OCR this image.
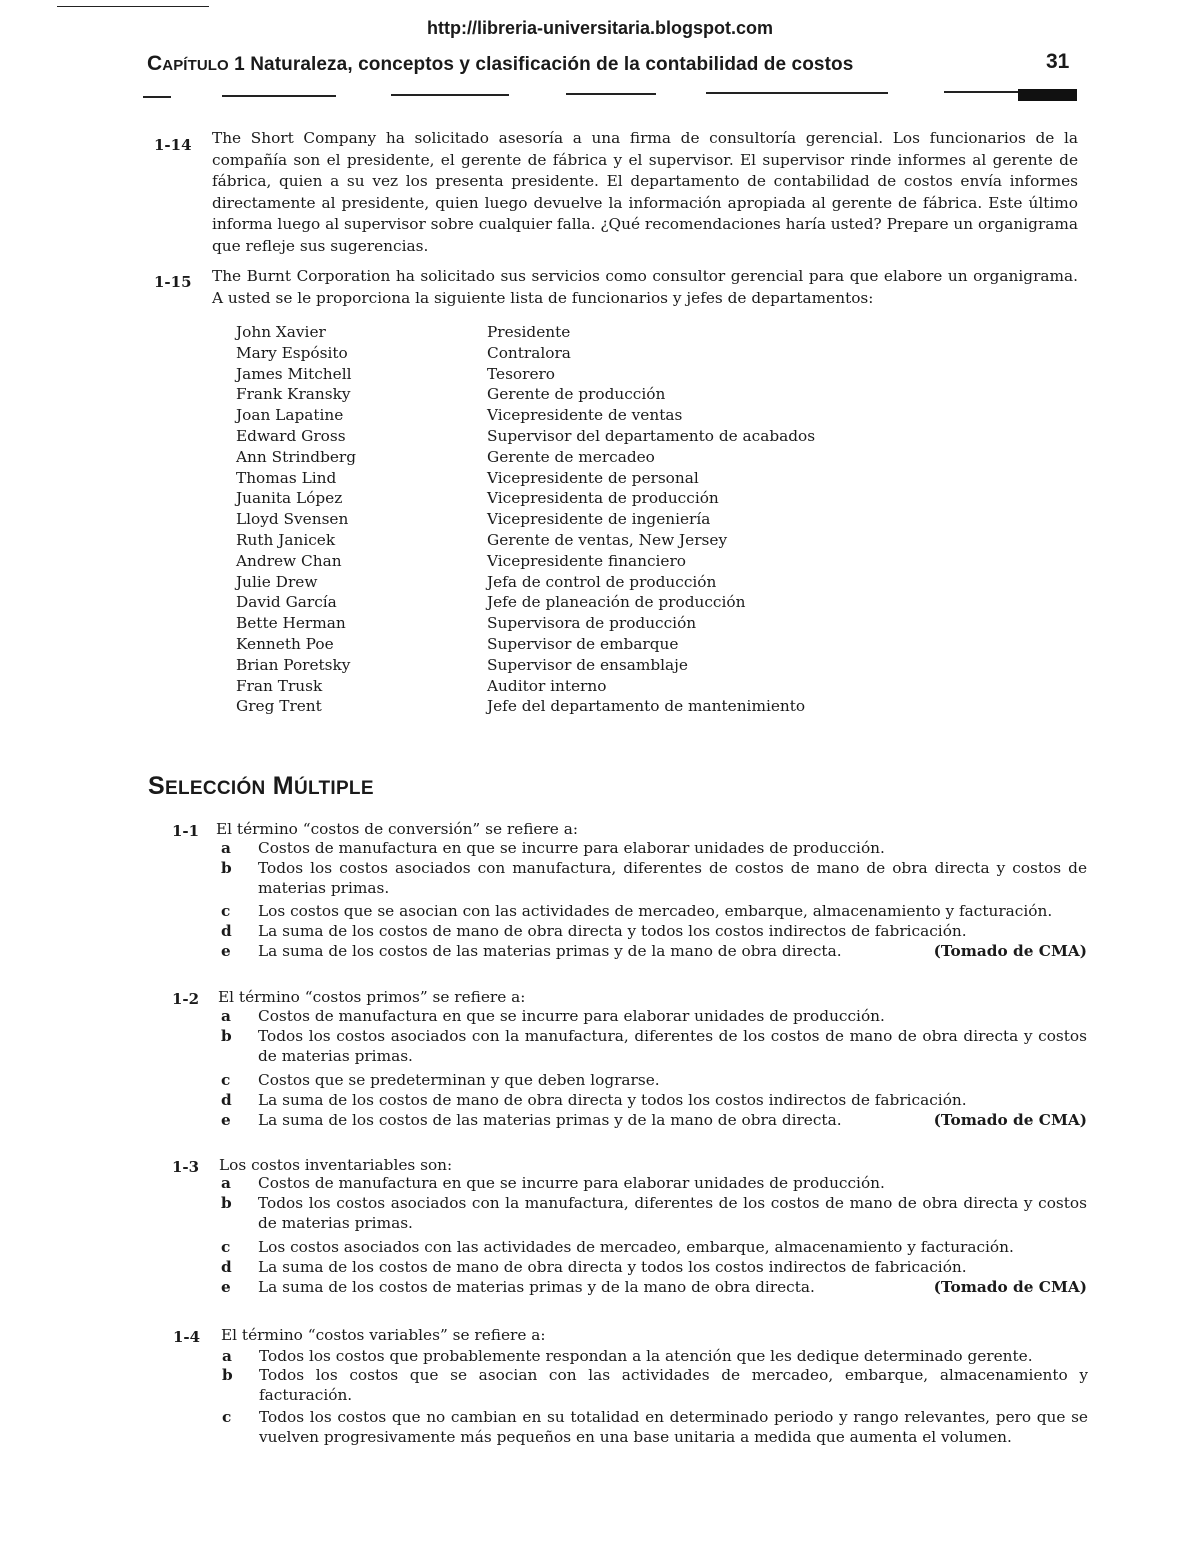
http://libreria-universitaria.blogspot.com
CAPÍTULO 1 Naturaleza, conceptos y clasificación de la contabilidad de costos	31
1-14 The Short Company ha solicitado asesoría a una firma de consultoría gerencial. Los funcionarios de la compañía son el presidente, el gerente de fábrica y el supervisor. El supervisor rinde informes al gerente de fábrica, quien a su vez los presenta presidente. El departamento de contabilidad de costos envía informes directamente al presidente, quien luego devuelve la información apropiada al gerente de fábrica. Este último informa luego al supervisor sobre cualquier falla. ¿Qué recomendaciones haría usted? Prepare un organigrama que refleje sus sugerencias.
1-15 The Burnt Corporation ha solicitado sus servicios como consultor gerencial para que elabore un organigrama. A usted se le proporciona la siguiente lista de funcionarios y jefes de departamentos:
John Xavier	Presidente
Mary Espósito	Contralora
James Mitchell	Tesorero
Frank Kransky	Gerente de producción
Joan Lapatine	Vicepresidente de ventas
Edward Gross	Supervisor del departamento de acabados
Ann Strindberg	Gerente de mercadeo
Thomas Lind	Vicepresidente de personal
Juanita López	Vicepresidenta de producción
Lloyd Svensen	Vicepresidente de ingeniería
Ruth Janicek	Gerente de ventas, New Jersey
Andrew Chan	Vicepresidente financiero
Julie Drew	Jefa de control de producción
David García	Jefe de planeación de producción
Bette Herman	Supervisora de producción
Kenneth Poe	Supervisor de embarque
Brian Poretsky	Supervisor de ensamblaje
Fran Trusk	Auditor interno
Greg Trent	Jefe del departamento de mantenimiento
SELECCIÓN MÚLTIPLE
1-1 El término “costos de conversión” se refiere a:
a	Costos de manufactura en que se incurre para elaborar unidades de producción.
b	Todos los costos asociados con manufactura, diferentes de costos de mano de obra directa y costos de materias primas.
c	Los costos que se asocian con las actividades de mercadeo, embarque, almacenamiento y facturación.
d	La suma de los costos de mano de obra directa y todos los costos indirectos de fabricación.
e	La suma de los costos de las materias primas y de la mano de obra directa.	(Tomado de CMA)
1-2 El término “costos primos” se refiere a:
a	Costos de manufactura en que se incurre para elaborar unidades de producción.
b	Todos los costos asociados con la manufactura, diferentes de los costos de mano de obra directa y costos de materias primas.
c	Costos que se predeterminan y que deben lograrse.
d	La suma de los costos de mano de obra directa y todos los costos indirectos de fabricación.
e	La suma de los costos de las materias primas y de la mano de obra directa.	(Tomado de CMA)
1-3 Los costos inventariables son:
a	Costos de manufactura en que se incurre para elaborar unidades de producción.
b	Todos los costos asociados con la manufactura, diferentes de los costos de mano de obra directa y costos de materias primas.
c	Los costos asociados con las actividades de mercadeo, embarque, almacenamiento y facturación.
d	La suma de los costos de mano de obra directa y todos los costos indirectos de fabricación.
e	La suma de los costos de materias primas y de la mano de obra directa.	(Tomado de CMA)
1-4 El término “costos variables” se refiere a:
a	Todos los costos que probablemente respondan a la atención que les dedique determinado gerente.
b	Todos los costos que se asocian con las actividades de mercadeo, embarque, almacenamiento y facturación.
c	Todos los costos que no cambian en su totalidad en determinado periodo y rango relevantes, pero que se vuelven progresivamente más pequeños en una base unitaria a medida que aumenta el volumen.
